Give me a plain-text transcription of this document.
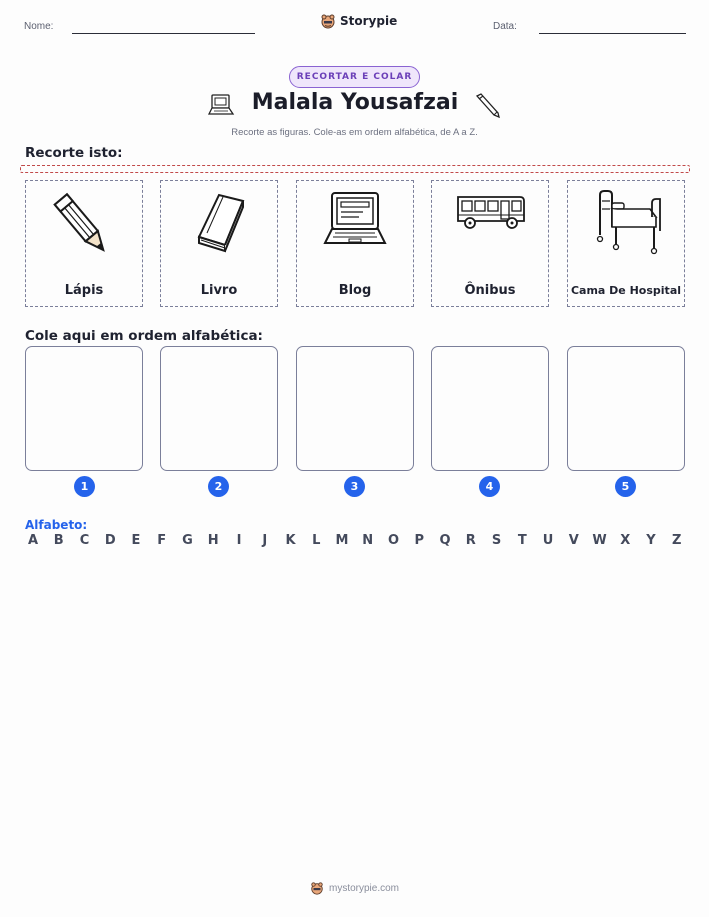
Nome:	Data:
Storypie
RECORTAR E COLAR
Malala Yousafzai
Recorte as figuras. Cole-as em ordem alfabética, de A a Z.
Recorte isto:
Lápis	Livro	Blog	Ônibus	Cama De Hospital
Cole aqui em ordem alfabética:
1	2	3	4	5
Alfabeto:
A B C D E F G H	I	J	K L M N O P Q R S T U V W X Y Z
mystorypie.com
